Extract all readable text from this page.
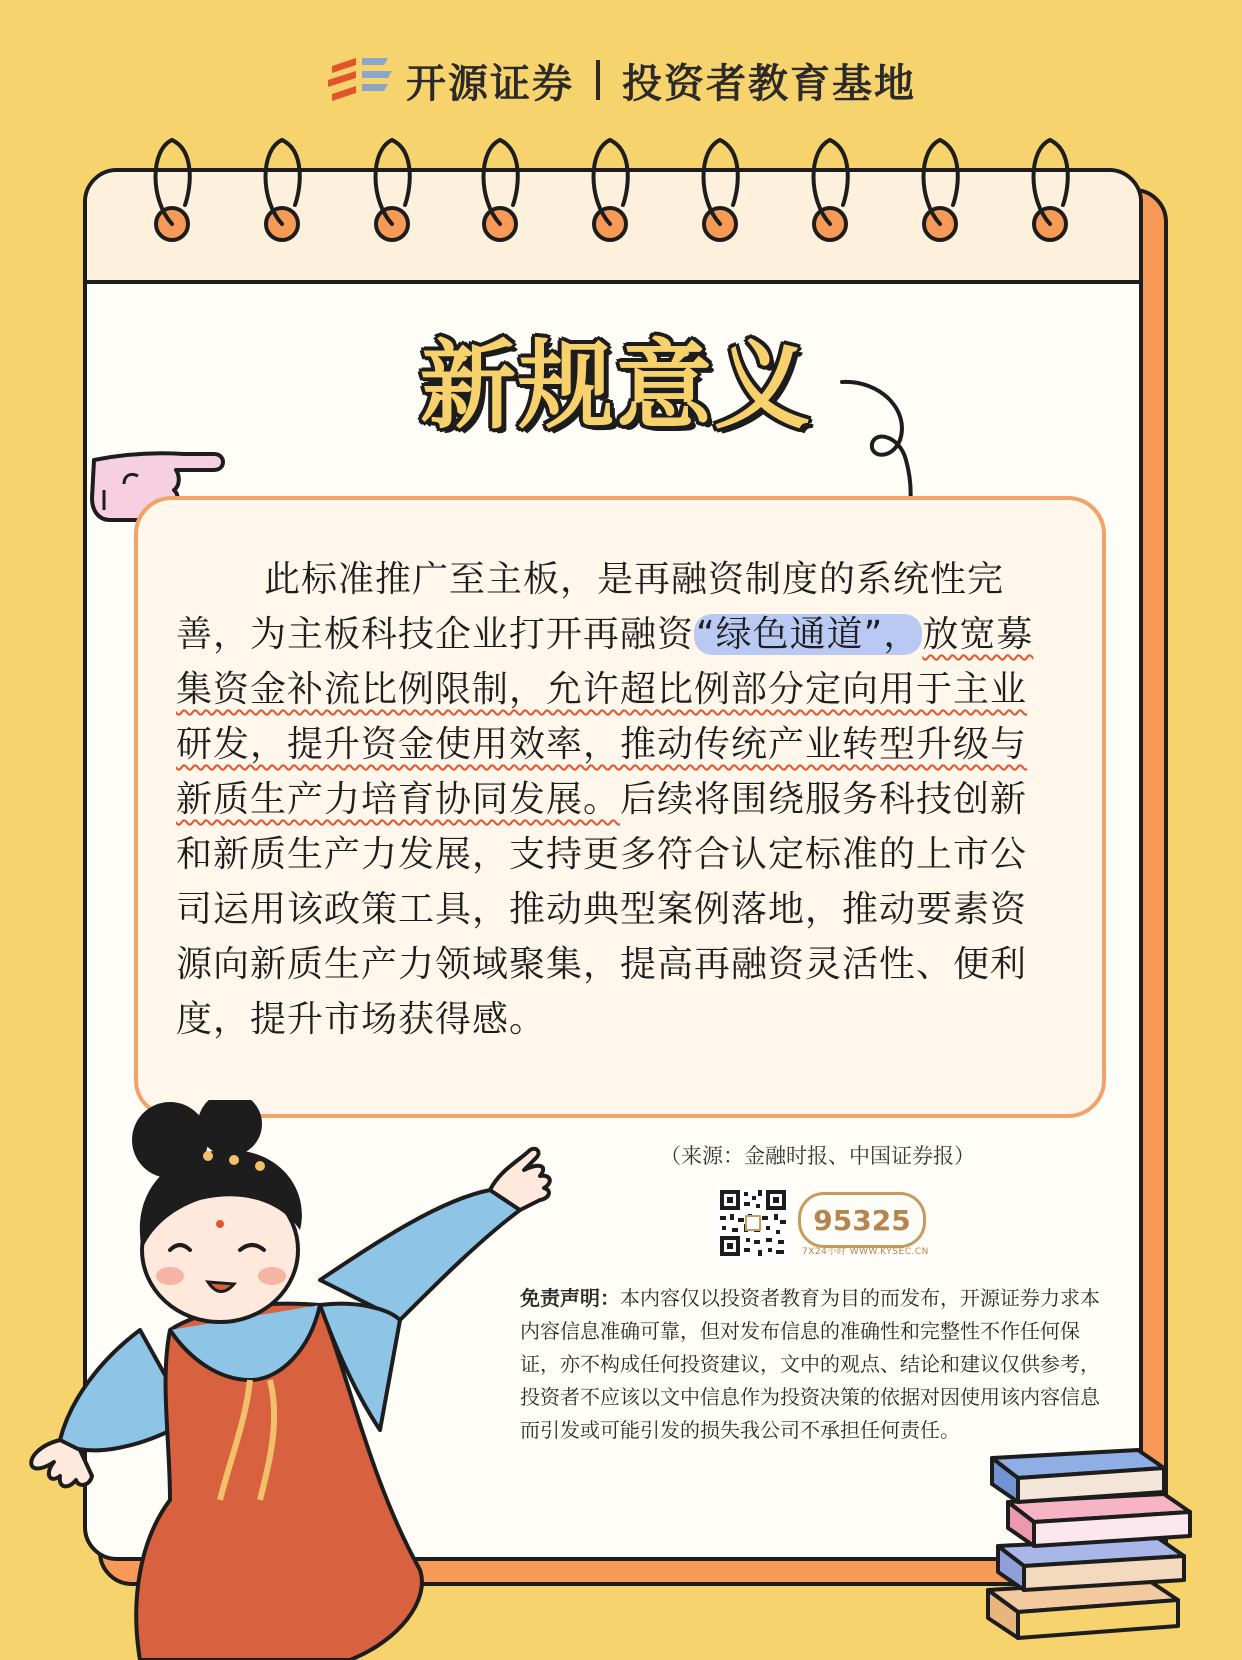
开源证券 投资者教育基地
新规意义
此标准推广至主板，是再融资制度的系统性完
善，为主板科技企业打开再融资“绿色通道”，放宽募
集资金补流比例限制，允许超比例部分定向用于主业
研发，提升资金使用效率，推动传统产业转型升级与
新质生产力培育协同发展。后续将围绕服务科技创新
和新质生产力发展，支持更多符合认定标准的上市公
司运用该政策工具，推动典型案例落地，推动要素资
源向新质生产力领域聚集，提高再融资灵活性、便利
度，提升市场获得感。
（来源：金融时报、中国证券报）
95325
7X24小时 WWW.KYSEC.CN

免责声明：本内容仅以投资者教育为目的而发布，开源证券力求本内容信息准确可靠，但对发布信息的准确性和完整性不作任何保证，亦不构成任何投资建议，文中的观点、结论和建议仅供参考，投资者不应该以文中信息作为投资决策的依据对因使用该内容信息而引发或可能引发的损失我公司不承担任何责任。
